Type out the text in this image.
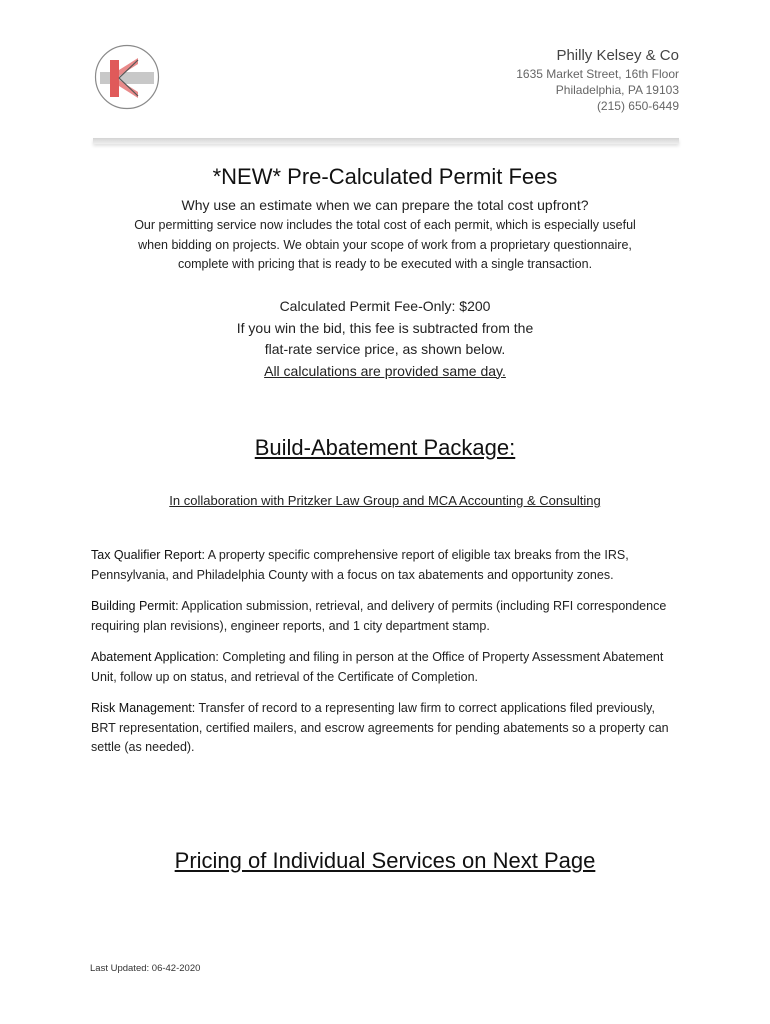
Philly Kelsey & Co
1635 Market Street, 16th Floor
Philadelphia, PA 19103
(215) 650-6449
*NEW* Pre-Calculated Permit Fees
Why use an estimate when we can prepare the total cost upfront?
Our permitting service now includes the total cost of each permit, which is especially useful
when bidding on projects. We obtain your scope of work from a proprietary questionnaire,
complete with pricing that is ready to be executed with a single transaction.
Calculated Permit Fee-Only: $200
If you win the bid, this fee is subtracted from the
flat-rate service price, as shown below.
All calculations are provided same day.
Build-Abatement Package:
In collaboration with Pritzker Law Group and MCA Accounting & Consulting

Tax Qualifier Report: A property specific comprehensive report of eligible tax breaks from the IRS, Pennsylvania, and Philadelphia County with a focus on tax abatements and opportunity zones.

Building Permit: Application submission, retrieval, and delivery of permits (including RFI correspondence requiring plan revisions), engineer reports, and 1 city department stamp.

Abatement Application: Completing and filing in person at the Office of Property Assessment Abatement Unit, follow up on status, and retrieval of the Certificate of Completion.

Risk Management: Transfer of record to a representing law firm to correct applications filed previously, BRT representation, certified mailers, and escrow agreements for pending abatements so a property can settle (as needed).

Pricing of Individual Services on Next Page
Last Updated: 06-42-2020
